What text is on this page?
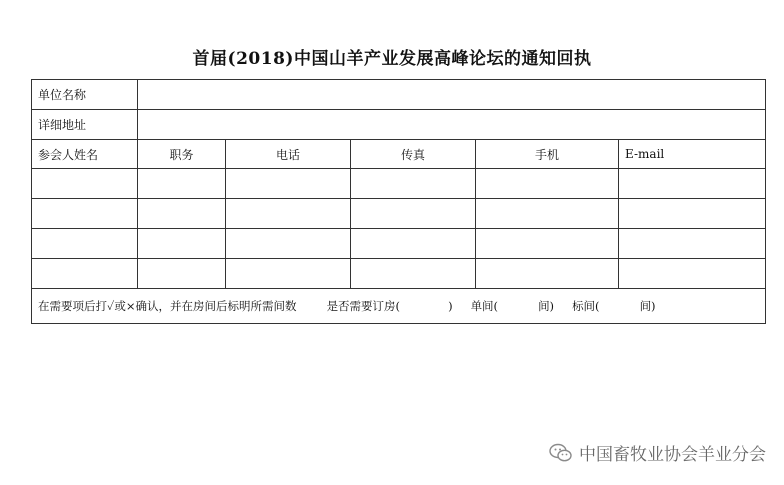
首届(2018)中国山羊产业发展高峰论坛的通知回执
单位名称					
详细地址					
参会人姓名	职务	电话	传真	手机	E-mail

在需要项后打✓或×确认，并在房间后标明所需间数 是否需要订房( ) 单间( 间) 标间( 间)					
中国畜牧业协会羊业分会
